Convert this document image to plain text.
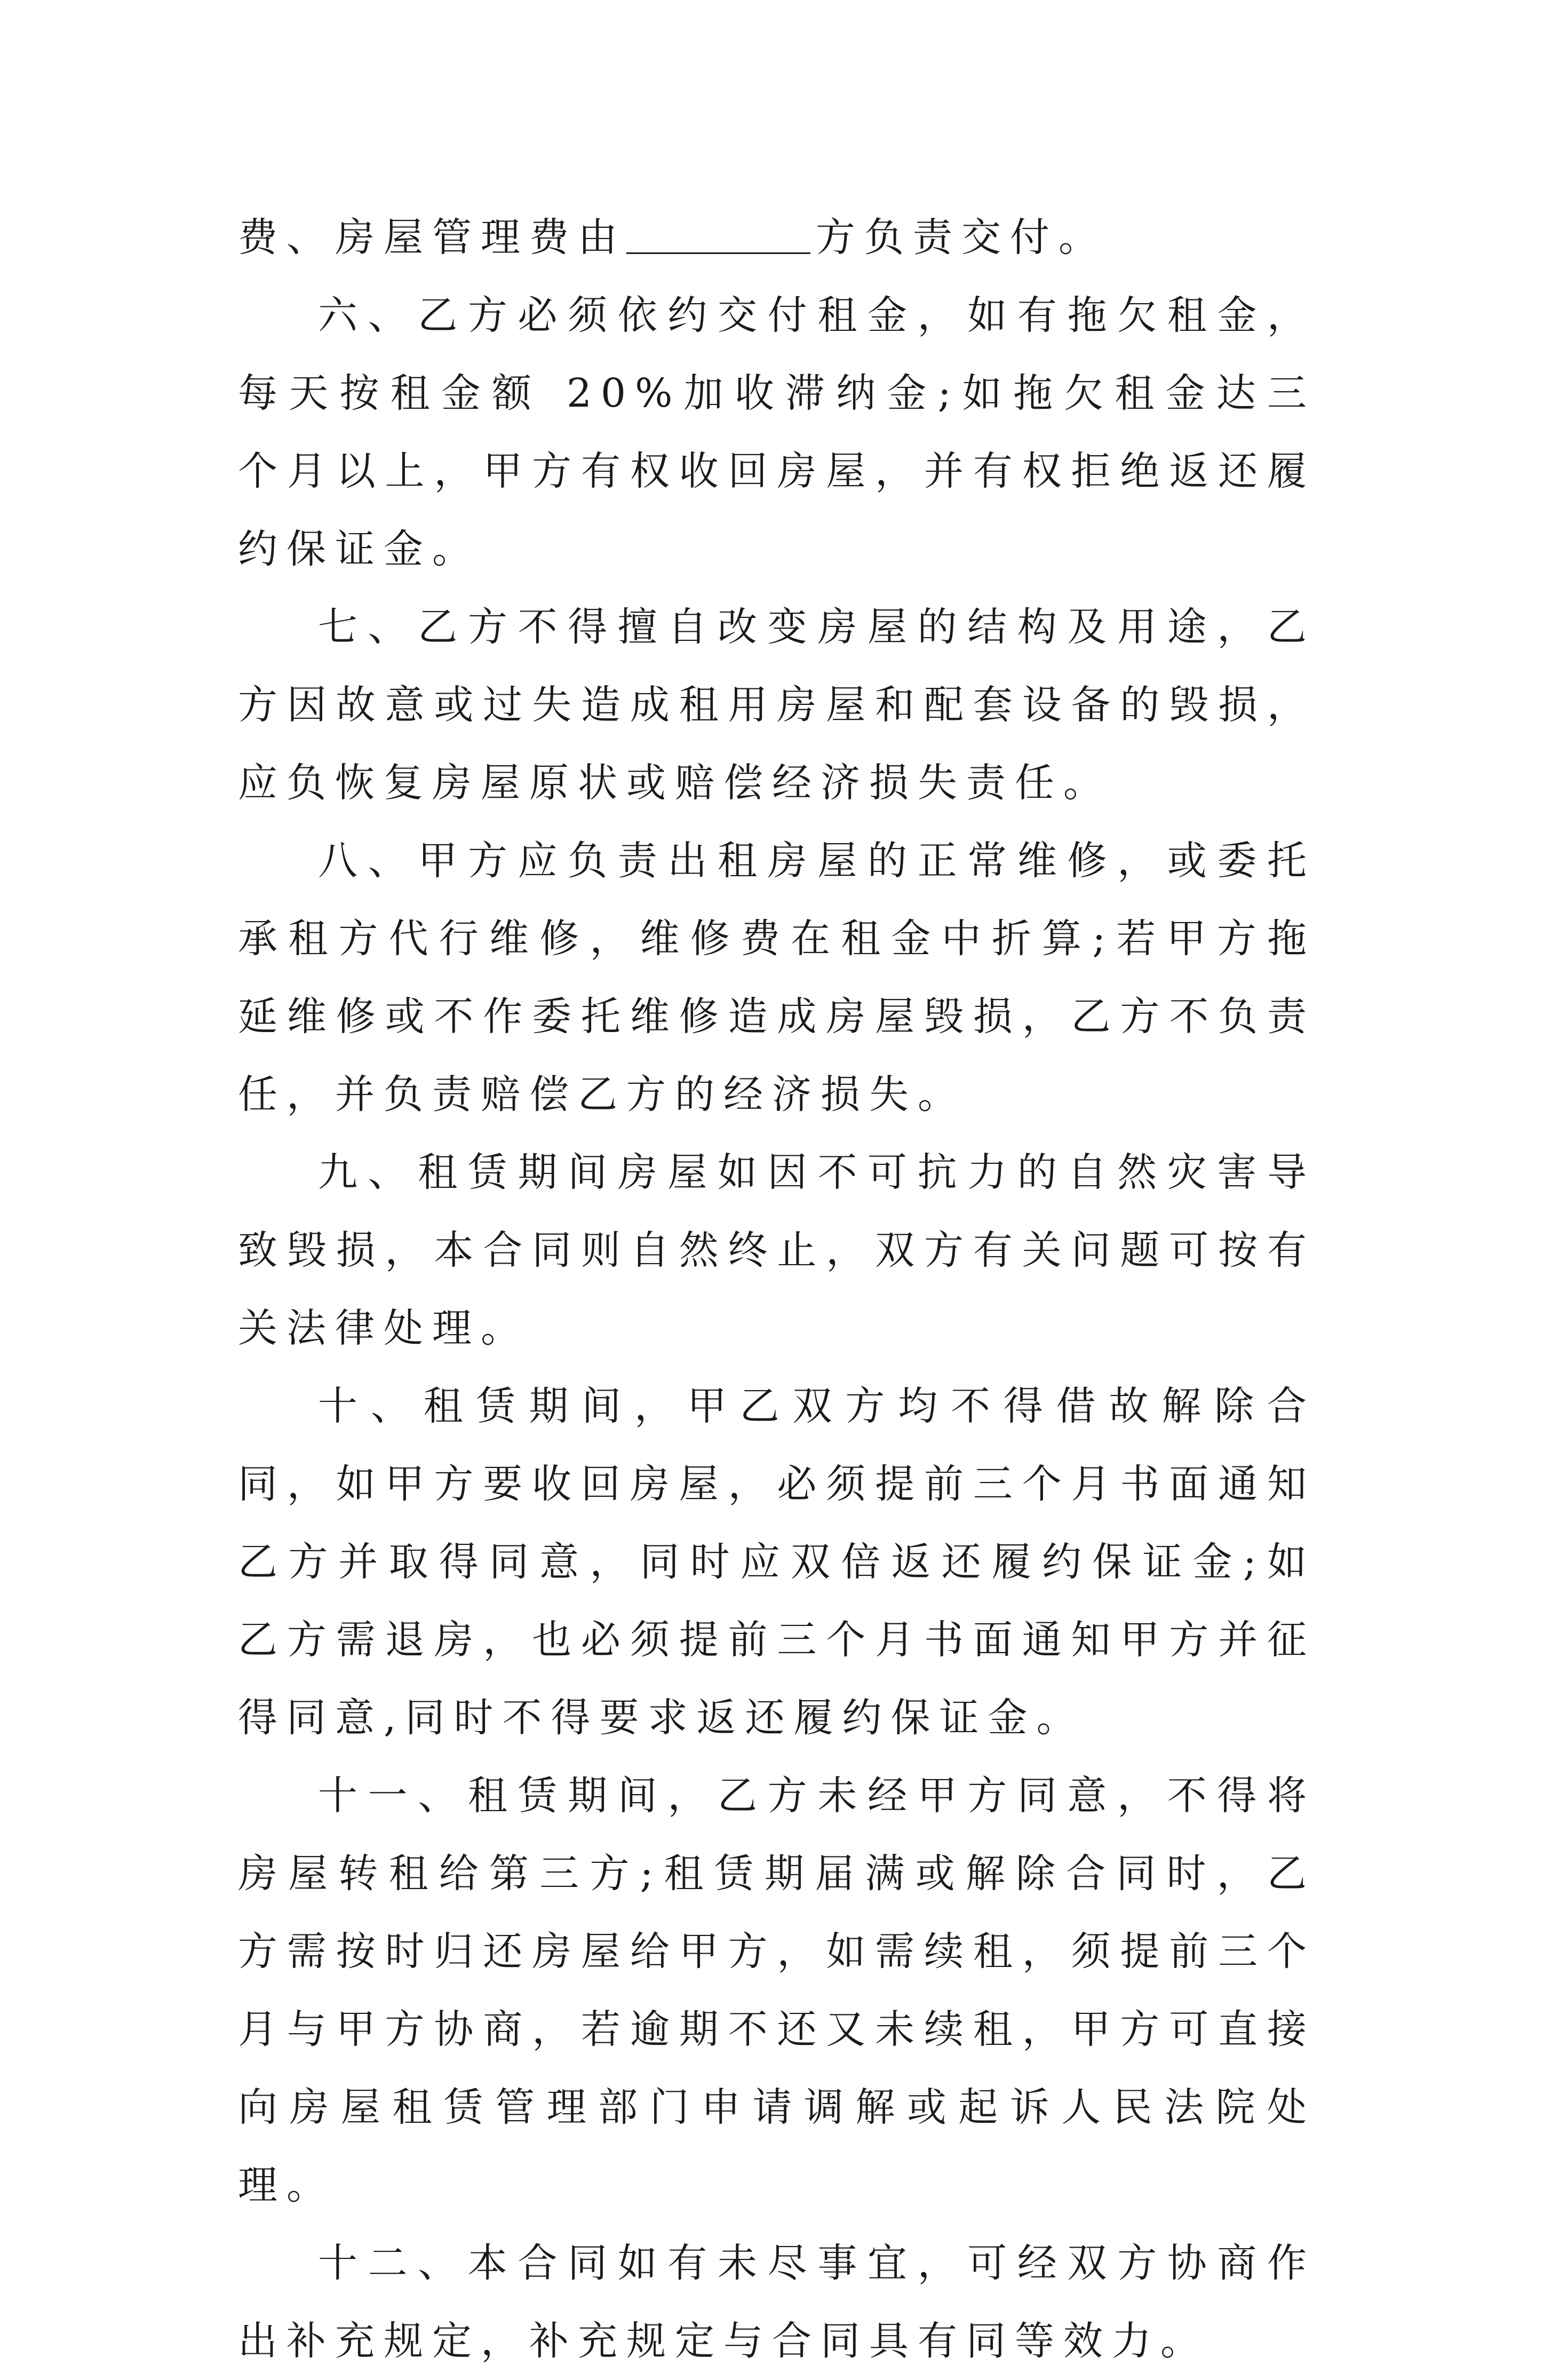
费、房屋管理费由	方负责交付。

六、乙方必须依约交付租金，如有拖欠租金，每天按租金额 20%加收滞纳金;如拖欠租金达三个月以上，甲方有权收回房屋，并有权拒绝返还履约保证金。

七、乙方不得擅自改变房屋的结构及用途，乙方因故意或过失造成租用房屋和配套设备的毁损，应负恢复房屋原状或赔偿经济损失责任。

八、甲方应负责出租房屋的正常维修，或委托承租方代行维修，维修费在租金中折算;若甲方拖延维修或不作委托维修造成房屋毁损，乙方不负责任，并负责赔偿乙方的经济损失。

九、租赁期间房屋如因不可抗力的自然灾害导致毁损，本合同则自然终止，双方有关问题可按有关法律处理。

十、租赁期间，甲乙双方均不得借故解除合同，如甲方要收回房屋，必须提前三个月书面通知乙方并取得同意，同时应双倍返还履约保证金;如乙方需退房，也必须提前三个月书面通知甲方并征得同意,同时不得要求返还履约保证金。

十一、租赁期间，乙方未经甲方同意，不得将房屋转租给第三方;租赁期届满或解除合同时，乙方需按时归还房屋给甲方，如需续租，须提前三个月与甲方协商，若逾期不还又未续租，甲方可直接向房屋租赁管理部门申请调解或起诉人民法院处理。

十二、本合同如有未尽事宜，可经双方协商作出补充规定，补充规定与合同具有同等效力。
